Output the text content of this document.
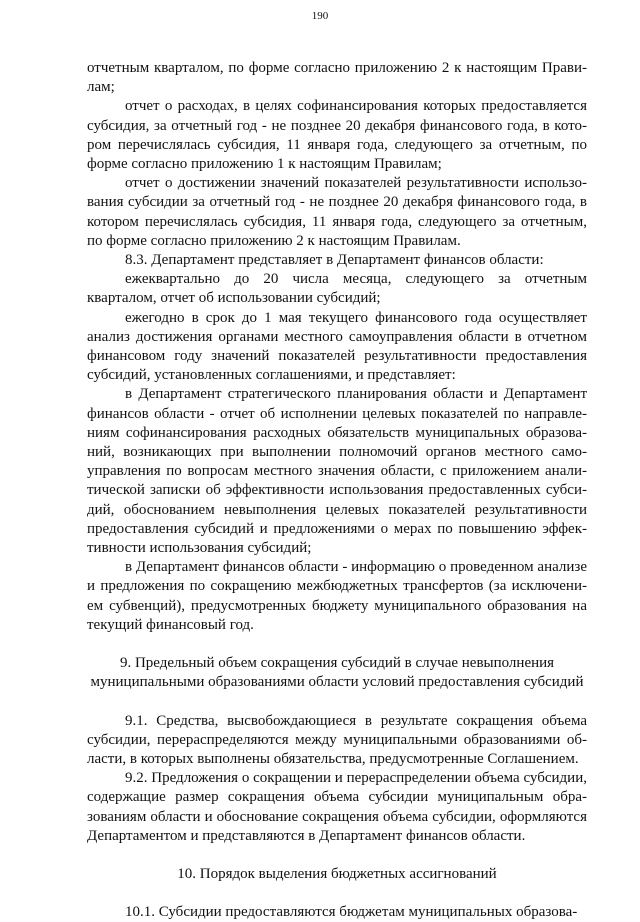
190

отчетным кварталом, по форме согласно приложению 2 к настоящим Правилам;

отчет о расходах, в целях софинансирования которых предоставляется субсидия, за отчетный год - не позднее 20 декабря финансового года, в котором перечислялась субсидия, 11 января года, следующего за отчетным, по форме согласно приложению 1 к настоящим Правилам;

отчет о достижении значений показателей результативности использования субсидии за отчетный год - не позднее 20 декабря финансового года, в котором перечислялась субсидия, 11 января года, следующего за отчетным, по форме согласно приложению 2 к настоящим Правилам.

8.3. Департамент представляет в Департамент финансов области:

ежеквартально до 20 числа месяца, следующего за отчетным кварталом, отчет об использовании субсидий;

ежегодно в срок до 1 мая текущего финансового года осуществляет анализ достижения органами местного самоуправления области в отчетном финансовом году значений показателей результативности предоставления субсидий, установленных соглашениями, и представляет:

в Департамент стратегического планирования области и Департамент финансов области - отчет об исполнении целевых показателей по направлениям софинансирования расходных обязательств муниципальных образований, возникающих при выполнении полномочий органов местного самоуправления по вопросам местного значения области, с приложением аналитической записки об эффективности использования предоставленных субсидий, обоснованием невыполнения целевых показателей результативности предоставления субсидий и предложениями о мерах по повышению эффективности использования субсидий;

в Департамент финансов области - информацию о проведенном анализе и предложения по сокращению межбюджетных трансфертов (за исключением субвенций), предусмотренных бюджету муниципального образования на текущий финансовый год.

9. Предельный объем сокращения субсидий в случае невыполнения муниципальными образованиями области условий предоставления субсидий

9.1. Средства, высвобождающиеся в результате сокращения объема субсидии, перераспределяются между муниципальными образованиями области, в которых выполнены обязательства, предусмотренные Соглашением.

9.2. Предложения о сокращении и перераспределении объема субсидии, содержащие размер сокращения объема субсидии муниципальным образованиям области и обоснование сокращения объема субсидии, оформляются Департаментом и представляются в Департамент финансов области.

10. Порядок выделения бюджетных ассигнований

10.1. Субсидии предоставляются бюджетам муниципальных образова-
